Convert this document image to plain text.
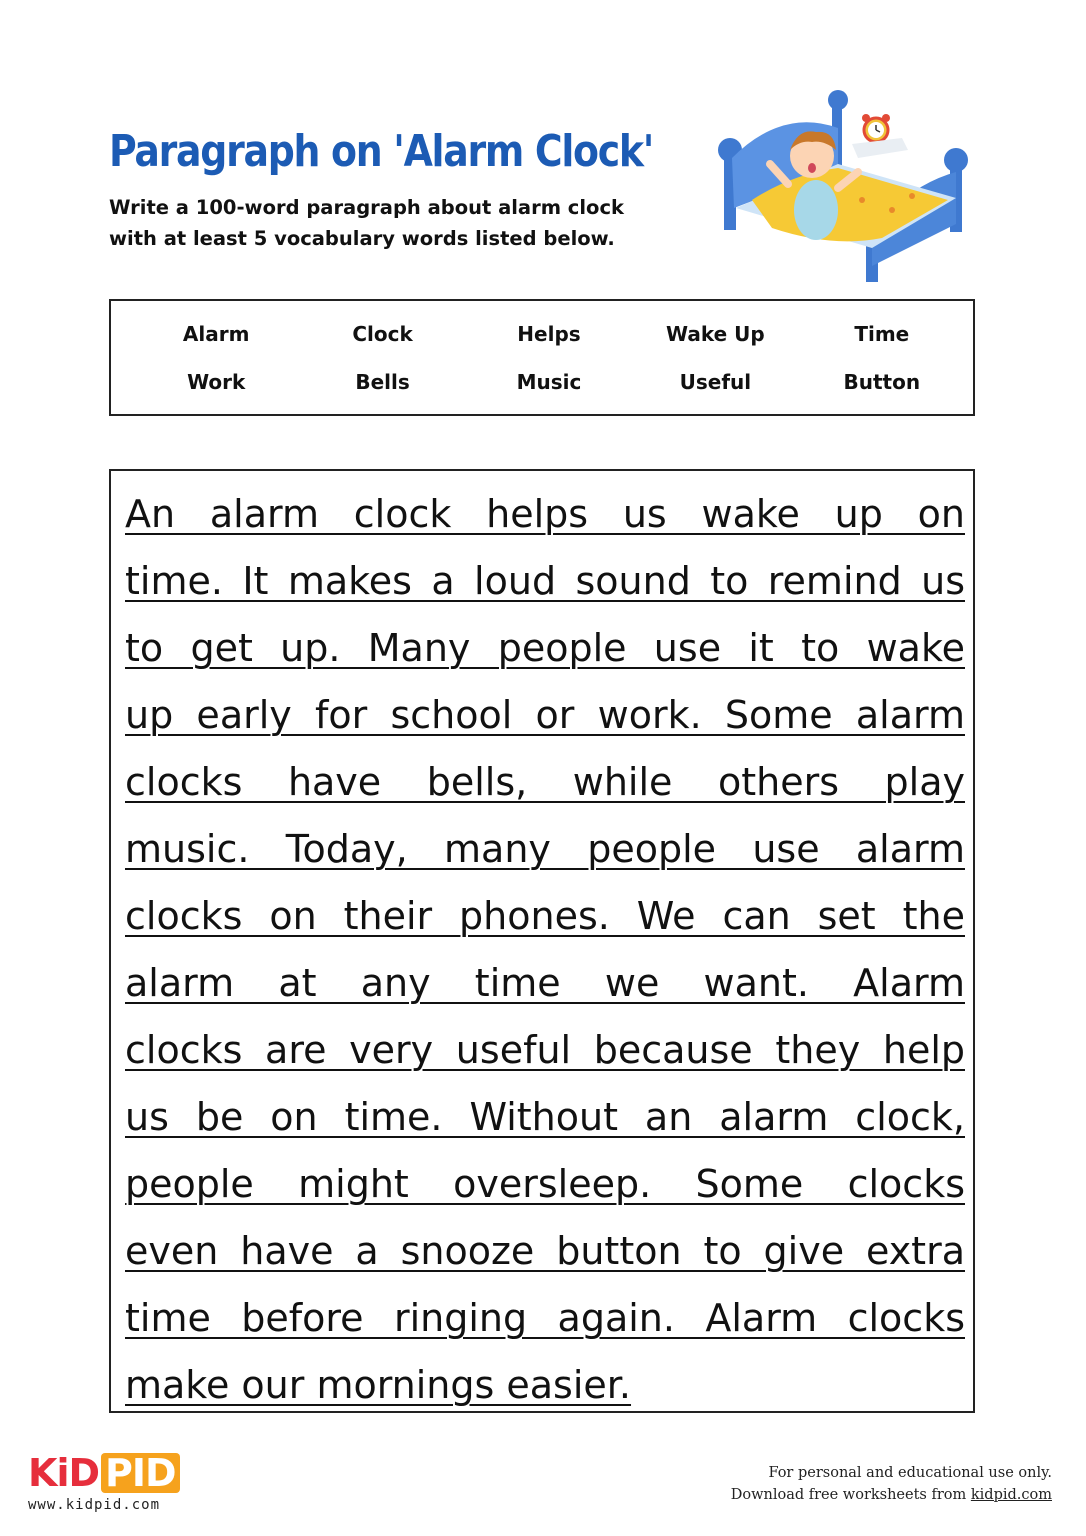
Paragraph on 'Alarm Clock'
Write a 100-word paragraph about alarm clock
with at least 5 vocabulary words listed below.
Alarm	Clock	Helps	Wake Up	Time
Work	Bells	Music	Useful	Button
An alarm clock helps us wake up on
time. It makes a loud sound to remind us
to get up. Many people use it to wake
up early for school or work. Some alarm
clocks have bells, while others play
music. Today, many people use alarm
clocks on their phones. We can set the
alarm at any time we want. Alarm
clocks are very useful because they help
us be on time. Without an alarm clock,
people might oversleep. Some clocks
even have a snooze button to give extra
time before ringing again. Alarm clocks
make our mornings easier.
KiD PID
www.kidpid.com
For personal and educational use only.
Download free worksheets from kidpid.com
